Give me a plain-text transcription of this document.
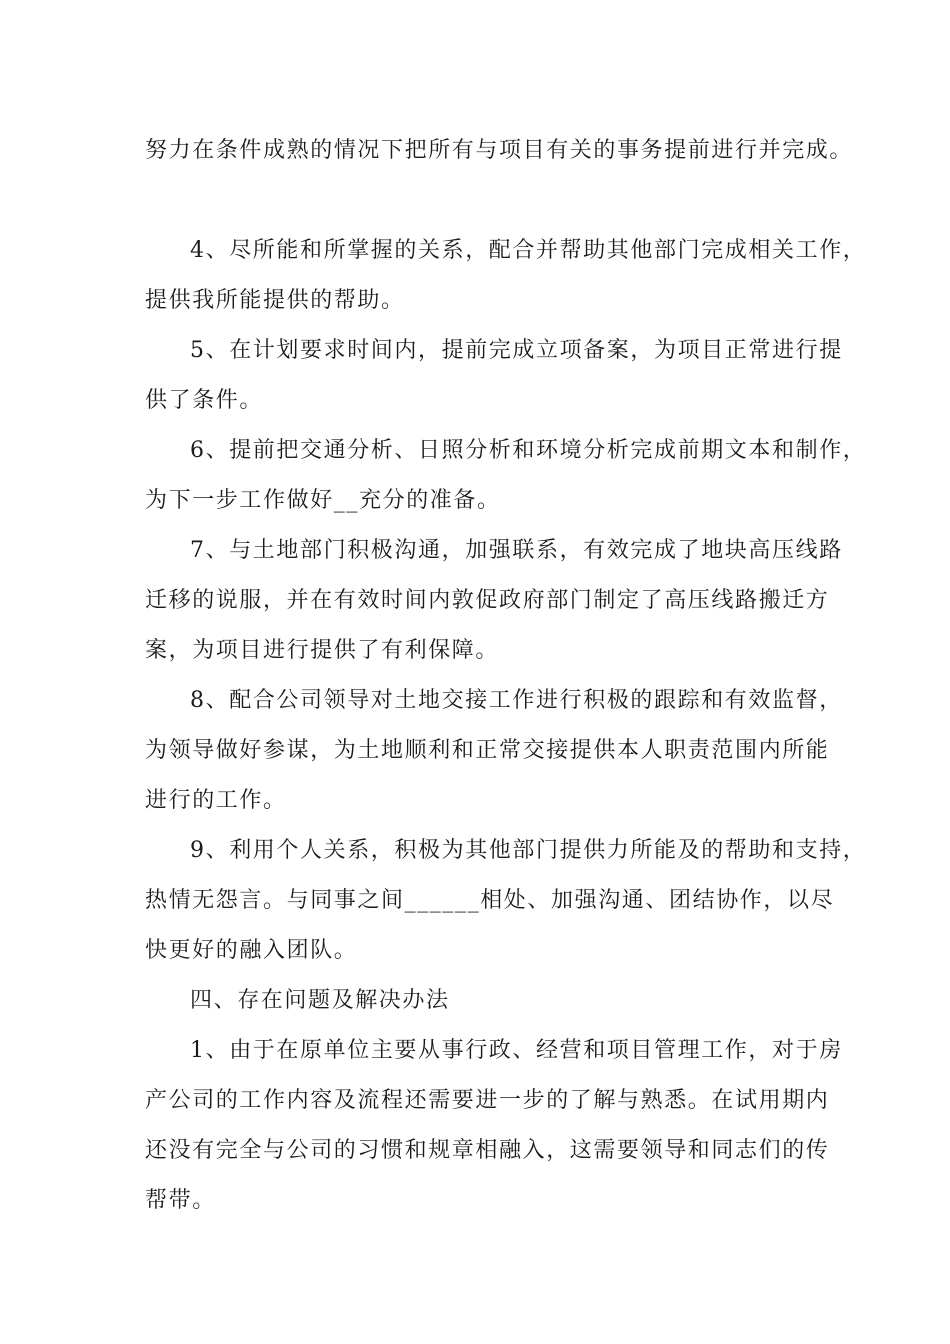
努力在条件成熟的情况下把所有与项目有关的事务提前进行并完成。
4、尽所能和所掌握的关系，配合并帮助其他部门完成相关工作，
提供我所能提供的帮助。
5、在计划要求时间内，提前完成立项备案，为项目正常进行提
供了条件。
6、提前把交通分析、日照分析和环境分析完成前期文本和制作，
为下一步工作做好__充分的准备。
7、与土地部门积极沟通，加强联系，有效完成了地块高压线路
迁移的说服，并在有效时间内敦促政府部门制定了高压线路搬迁方
案，为项目进行提供了有利保障。
8、配合公司领导对土地交接工作进行积极的跟踪和有效监督，
为领导做好参谋，为土地顺利和正常交接提供本人职责范围内所能
进行的工作。
9、利用个人关系，积极为其他部门提供力所能及的帮助和支持，
热情无怨言。与同事之间______相处、加强沟通、团结协作，以尽
快更好的融入团队。
四、存在问题及解决办法
1、由于在原单位主要从事行政、经营和项目管理工作，对于房
产公司的工作内容及流程还需要进一步的了解与熟悉。在试用期内
还没有完全与公司的习惯和规章相融入，这需要领导和同志们的传
帮带。
